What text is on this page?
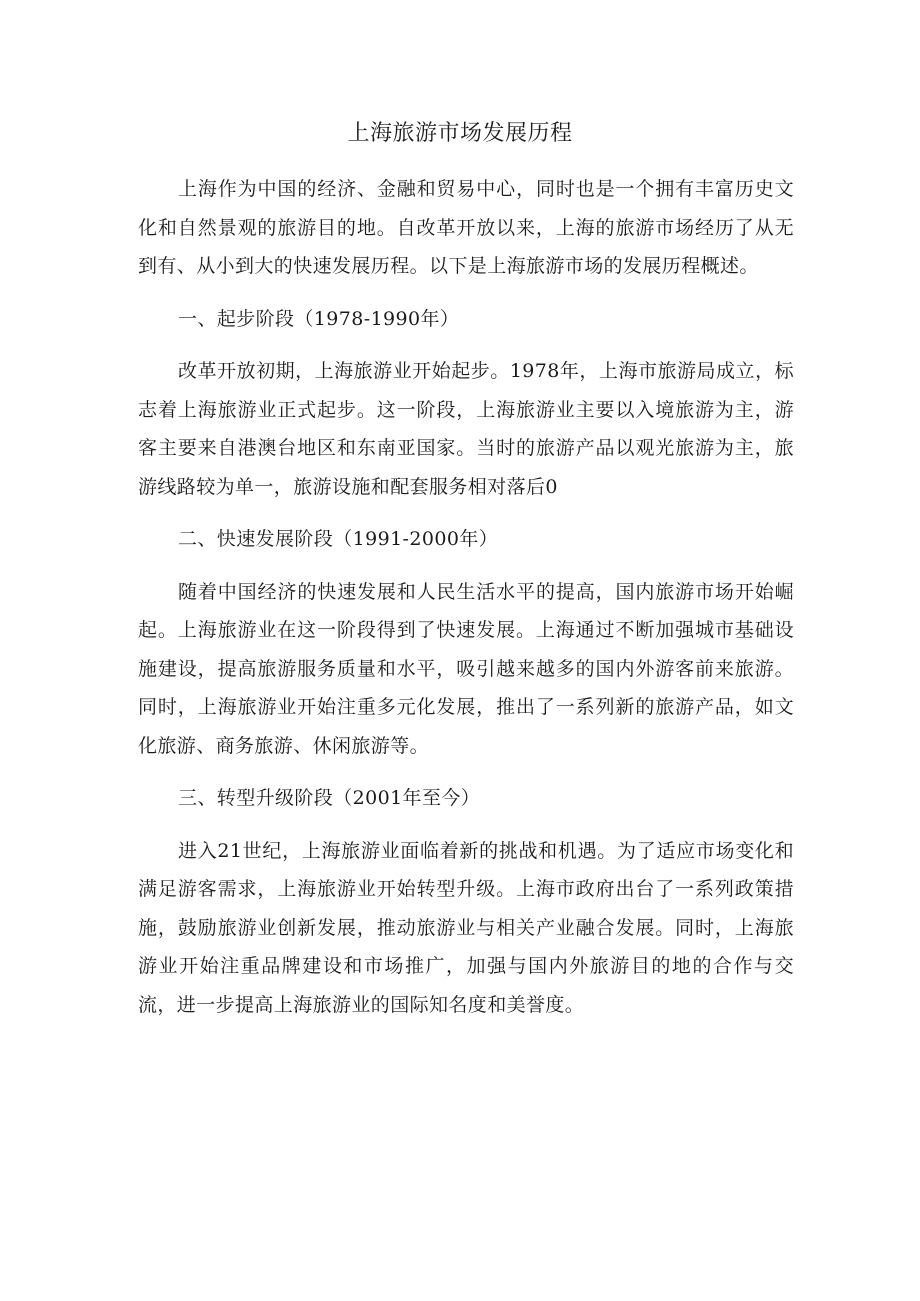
上海旅游市场发展历程

上海作为中国的经济、金融和贸易中心，同时也是一个拥有丰富历史文化和自然景观的旅游目的地。自改革开放以来，上海的旅游市场经历了从无到有、从小到大的快速发展历程。以下是上海旅游市场的发展历程概述。

一、起步阶段（1978-1990年）

改革开放初期，上海旅游业开始起步。1978年，上海市旅游局成立，标志着上海旅游业正式起步。这一阶段，上海旅游业主要以入境旅游为主，游客主要来自港澳台地区和东南亚国家。当时的旅游产品以观光旅游为主，旅游线路较为单一，旅游设施和配套服务相对落后0

二、快速发展阶段（1991-2000年）

随着中国经济的快速发展和人民生活水平的提高，国内旅游市场开始崛起。上海旅游业在这一阶段得到了快速发展。上海通过不断加强城市基础设施建设，提高旅游服务质量和水平，吸引越来越多的国内外游客前来旅游。同时，上海旅游业开始注重多元化发展，推出了一系列新的旅游产品，如文化旅游、商务旅游、休闲旅游等。

三、转型升级阶段（2001年至今）

进入21世纪，上海旅游业面临着新的挑战和机遇。为了适应市场变化和满足游客需求，上海旅游业开始转型升级。上海市政府出台了一系列政策措施，鼓励旅游业创新发展，推动旅游业与相关产业融合发展。同时，上海旅游业开始注重品牌建设和市场推广，加强与国内外旅游目的地的合作与交流，进一步提高上海旅游业的国际知名度和美誉度。
